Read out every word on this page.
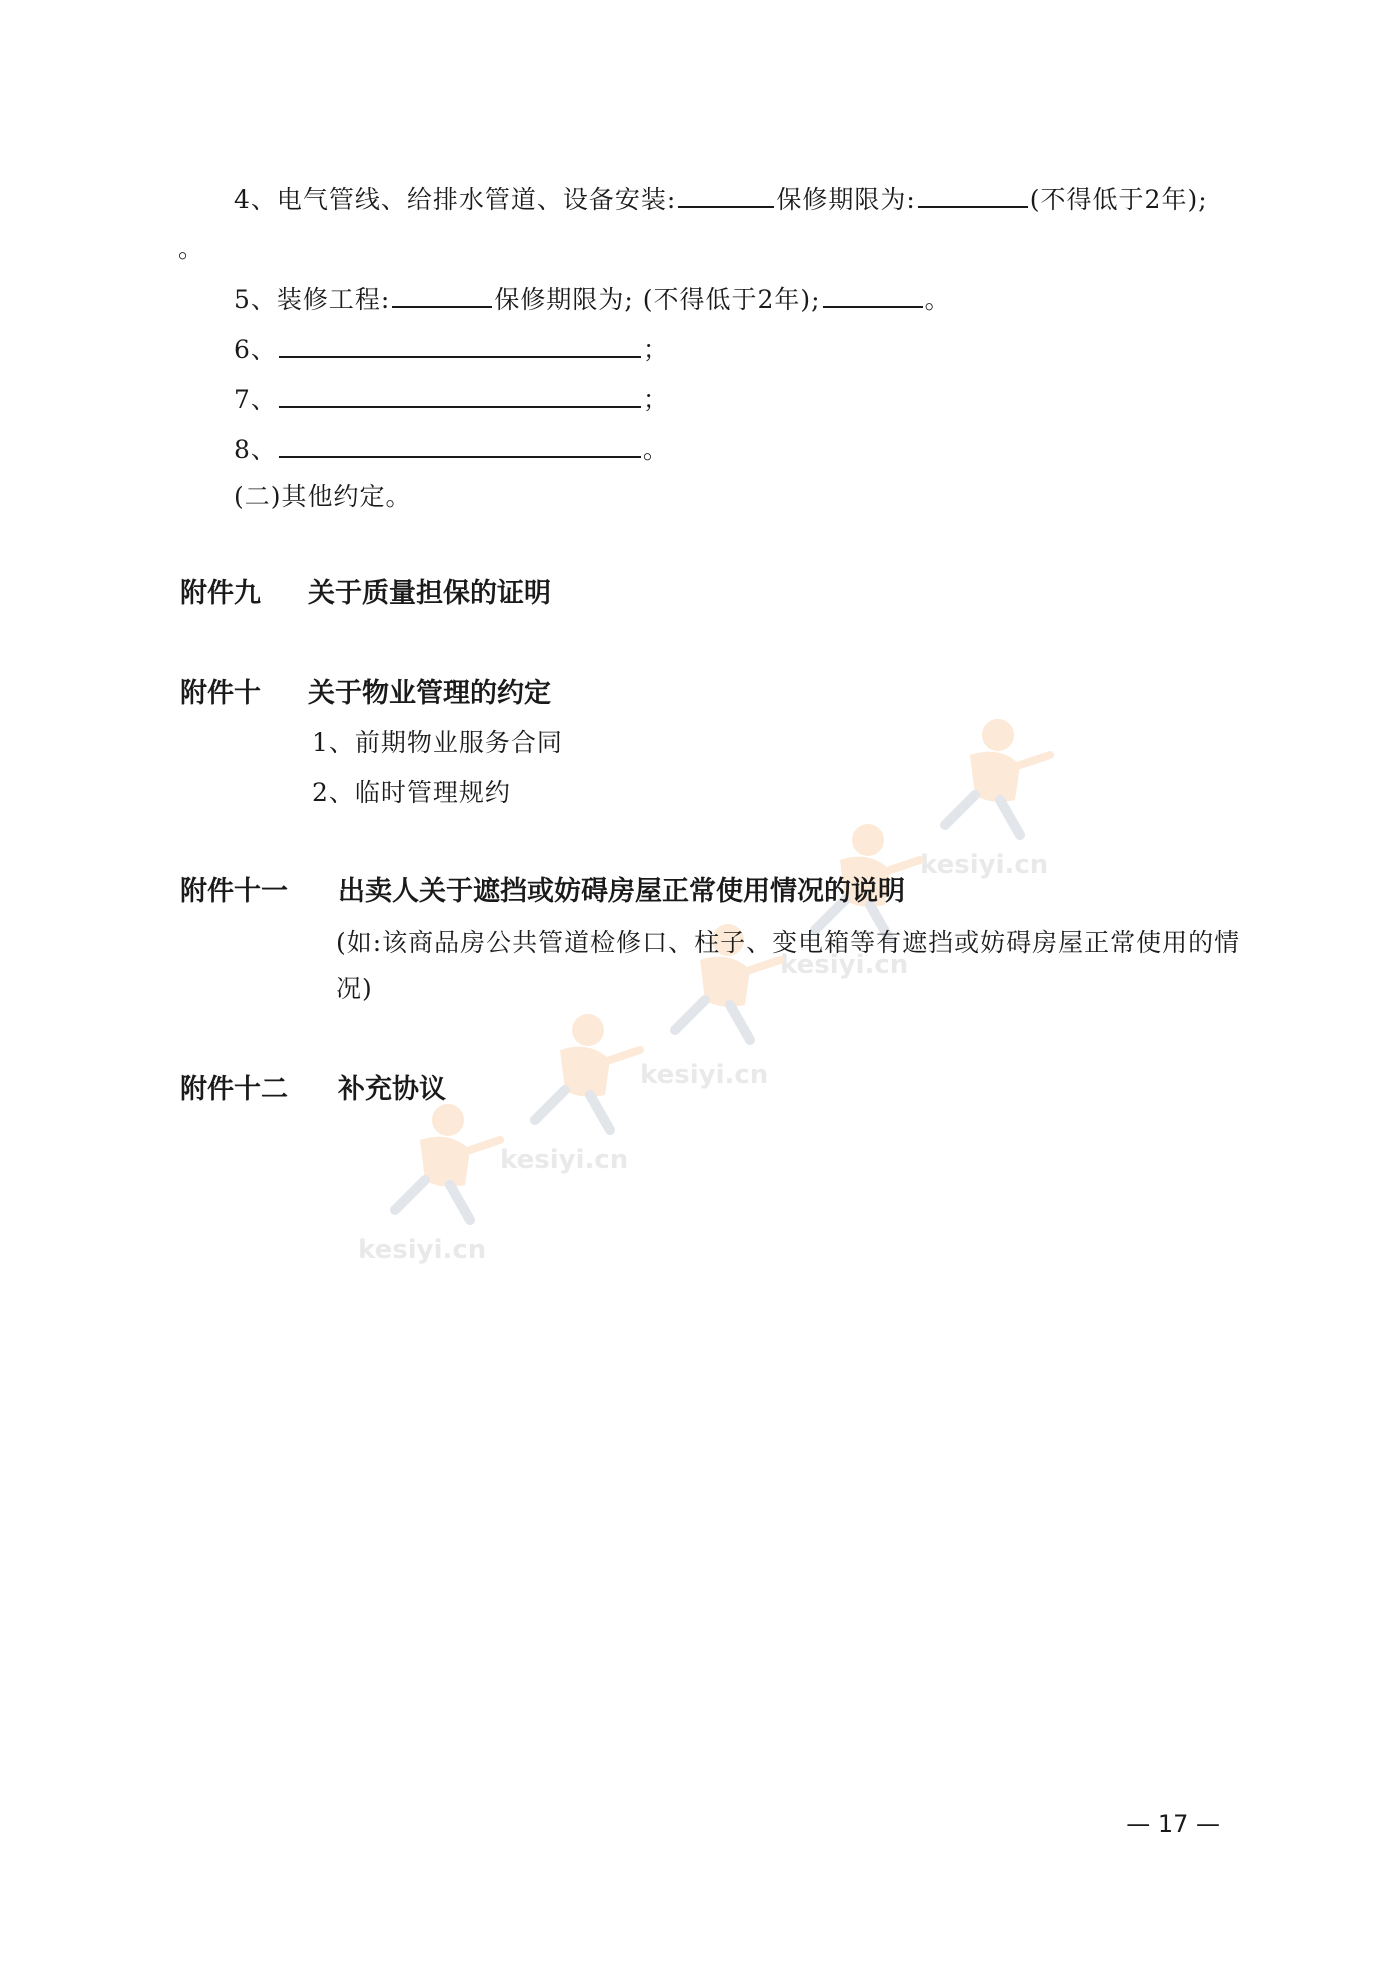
kesiyi.cn
kesiyi.cn
kesiyi.cn
kesiyi.cn
kesiyi.cn
4、电气管线、给排水管道、设备安装:	保修期限为:	(不得低于2年);
。
5、装修工程:	保修期限为; (不得低于2年);	。
6、	；
7、	；
8、	。
(二)其他约定。
附件九 关于质量担保的证明
附件十 关于物业管理的约定
1、前期物业服务合同
2、临时管理规约
附件十一 出卖人关于遮挡或妨碍房屋正常使用情况的说明
(如:该商品房公共管道检修口、柱子、变电箱等有遮挡或妨碍房屋正常使用的情
况)
附件十二 补充协议
— 17 —
